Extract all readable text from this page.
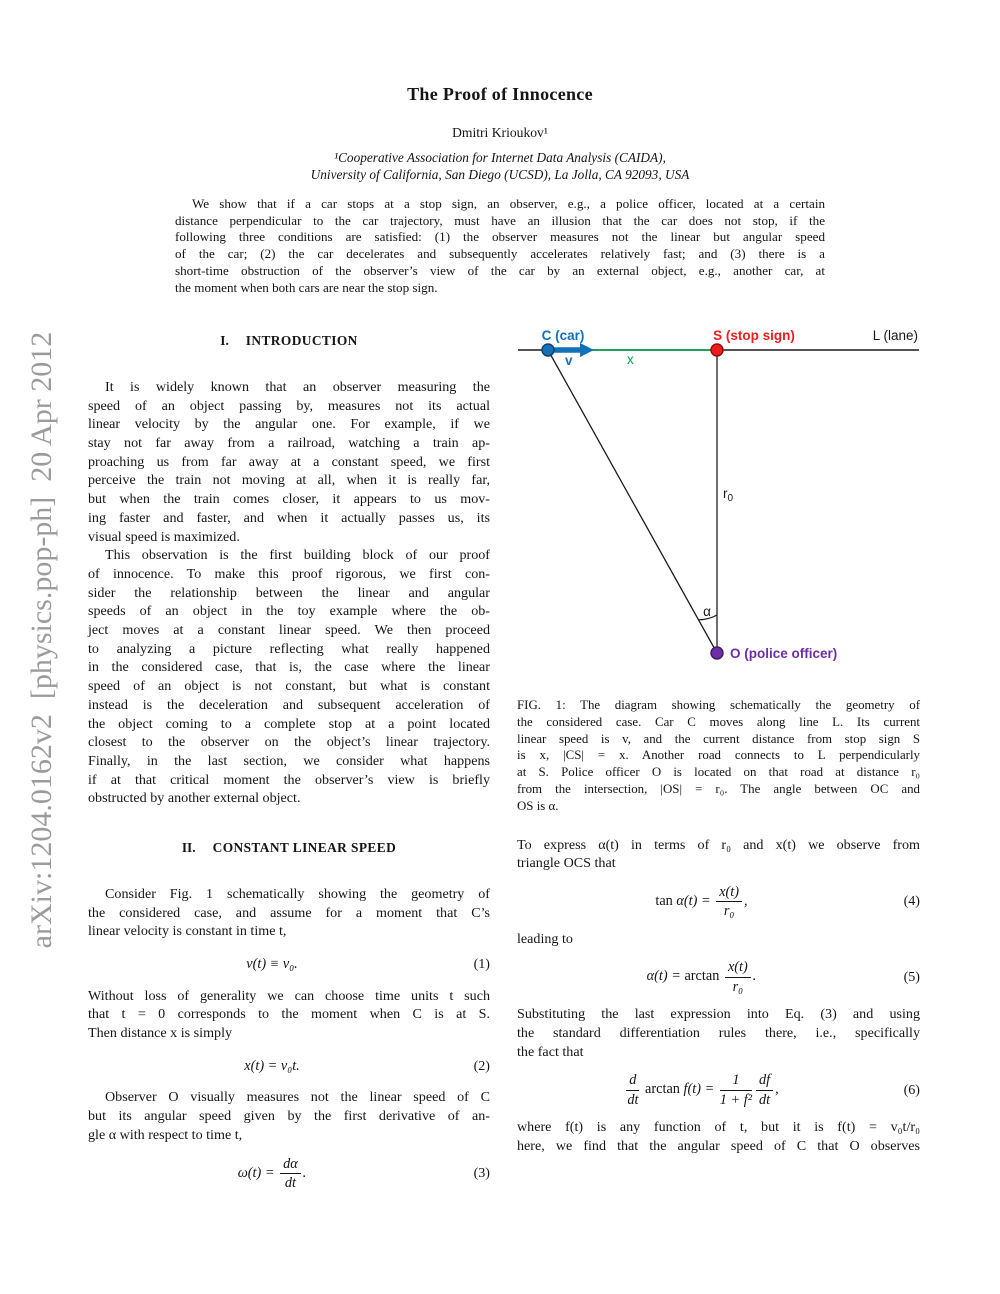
arXiv:1204.0162v2  [physics.pop-ph]  20 Apr 2012
The Proof of Innocence
Dmitri Krioukov¹
¹Cooperative Association for Internet Data Analysis (CAIDA),
University of California, San Diego (UCSD), La Jolla, CA 92093, USA
We show that if a car stops at a stop sign, an observer, e.g., a police officer, located at a certain
distance perpendicular to the car trajectory, must have an illusion that the car does not stop, if the
following three conditions are satisfied: (1) the observer measures not the linear but angular speed
of the car; (2) the car decelerates and subsequently accelerates relatively fast; and (3) there is a
short-time obstruction of the observer’s view of the car by an external object, e.g., another car, at
the moment when both cars are near the stop sign.
I. INTRODUCTION
It is widely known that an observer measuring the
speed of an object passing by, measures not its actual
linear velocity by the angular one. For example, if we
stay not far away from a railroad, watching a train ap-
proaching us from far away at a constant speed, we first
perceive the train not moving at all, when it is really far,
but when the train comes closer, it appears to us mov-
ing faster and faster, and when it actually passes us, its
visual speed is maximized.
This observation is the first building block of our proof
of innocence. To make this proof rigorous, we first con-
sider the relationship between the linear and angular
speeds of an object in the toy example where the ob-
ject moves at a constant linear speed. We then proceed
to analyzing a picture reflecting what really happened
in the considered case, that is, the case where the linear
speed of an object is not constant, but what is constant
instead is the deceleration and subsequent acceleration of
the object coming to a complete stop at a point located
closest to the observer on the object’s linear trajectory.
Finally, in the last section, we consider what happens
if at that critical moment the observer’s view is briefly
obstructed by another external object.
II. CONSTANT LINEAR SPEED
Consider Fig. 1 schematically showing the geometry of
the considered case, and assume for a moment that C’s
linear velocity is constant in time t,
v(t) ≡ v₀.	(1)
Without loss of generality we can choose time units t such
that t = 0 corresponds to the moment when C is at S.
Then distance x is simply
x(t) = v₀t.	(2)
Observer O visually measures not the linear speed of C
but its angular speed given by the first derivative of an-
gle α with respect to time t,
$\omega(t) = \frac{d\alpha}{dt}$ .	(3)
C (car)
v	x
S (stop sign)	L (lane)
$r_0$
α
O (police officer)
FIG. 1: The diagram showing schematically the geometry of
the considered case. Car C moves along line L. Its current
linear speed is v, and the current distance from stop sign S
is x, |CS| = x. Another road connects to L perpendicularly
at S. Police officer O is located on that road at distance r₀
from the intersection, |OS| = r₀. The angle between OC and
OS is α.
To express α(t) in terms of r₀ and x(t) we observe from
triangle OCS that
$\tan \alpha(t) = \frac{x(t)}{\text{r₀}}$ ,	(4)
leading to
$\alpha(t) = \arctan \frac{x(t)}{\text{r₀}}$ .	(5)
Substituting the last expression into Eq. (3) and using
the standard differentiation rules there, i.e., specifically
the fact that
$\frac{d}{dt}$ $\arctan f(t) = \frac{1}{\text{1 + f²}} \frac{df}{dt}$ ,	(6)
where f(t) is any function of t, but it is f(t) = v₀t/r₀
here, we find that the angular speed of C that O observes
